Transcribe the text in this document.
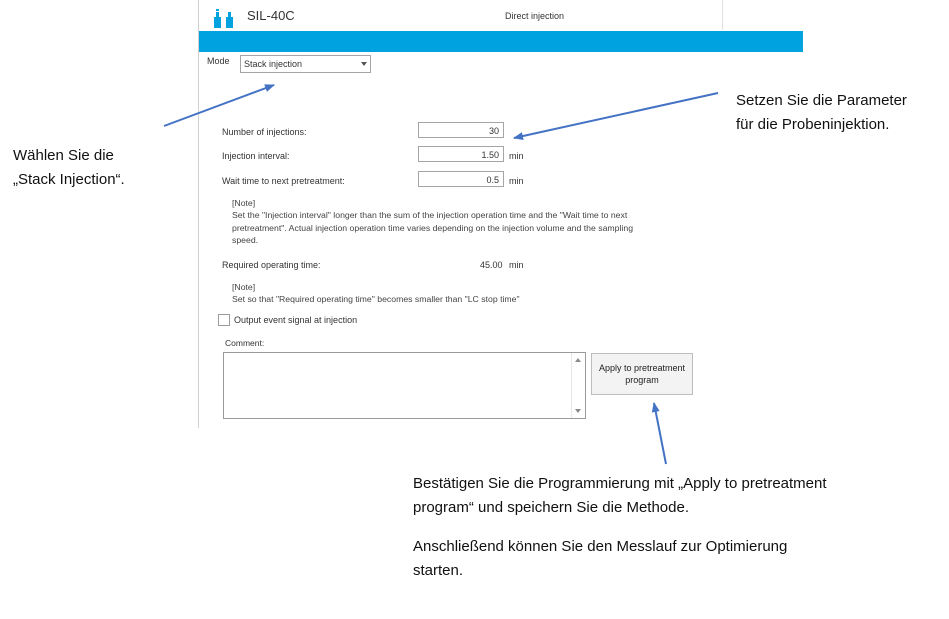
SIL-40C	Direct injection
Mode	Stack injection
Number of injections:	30
Injection interval:	1.50	min
Wait time to next pretreatment:	0.5	min
[Note]
Set the "Injection interval" longer than the sum of the injection operation time and the "Wait time to next
pretreatment". Actual injection operation time varies depending on the injection volume and the sampling
speed.
Required operating time:	45.00 min
[Note]
Set so that "Required operating time" becomes smaller than "LC stop time"
Output event signal at injection
Comment:
Apply to pretreatment
program
Wählen Sie die
„Stack Injection“.
Setzen Sie die Parameter
für die Probeninjektion.
Bestätigen Sie die Programmierung mit „Apply to pretreatment
program“ und speichern Sie die Methode.
Anschließend können Sie den Messlauf zur Optimierung
starten.
